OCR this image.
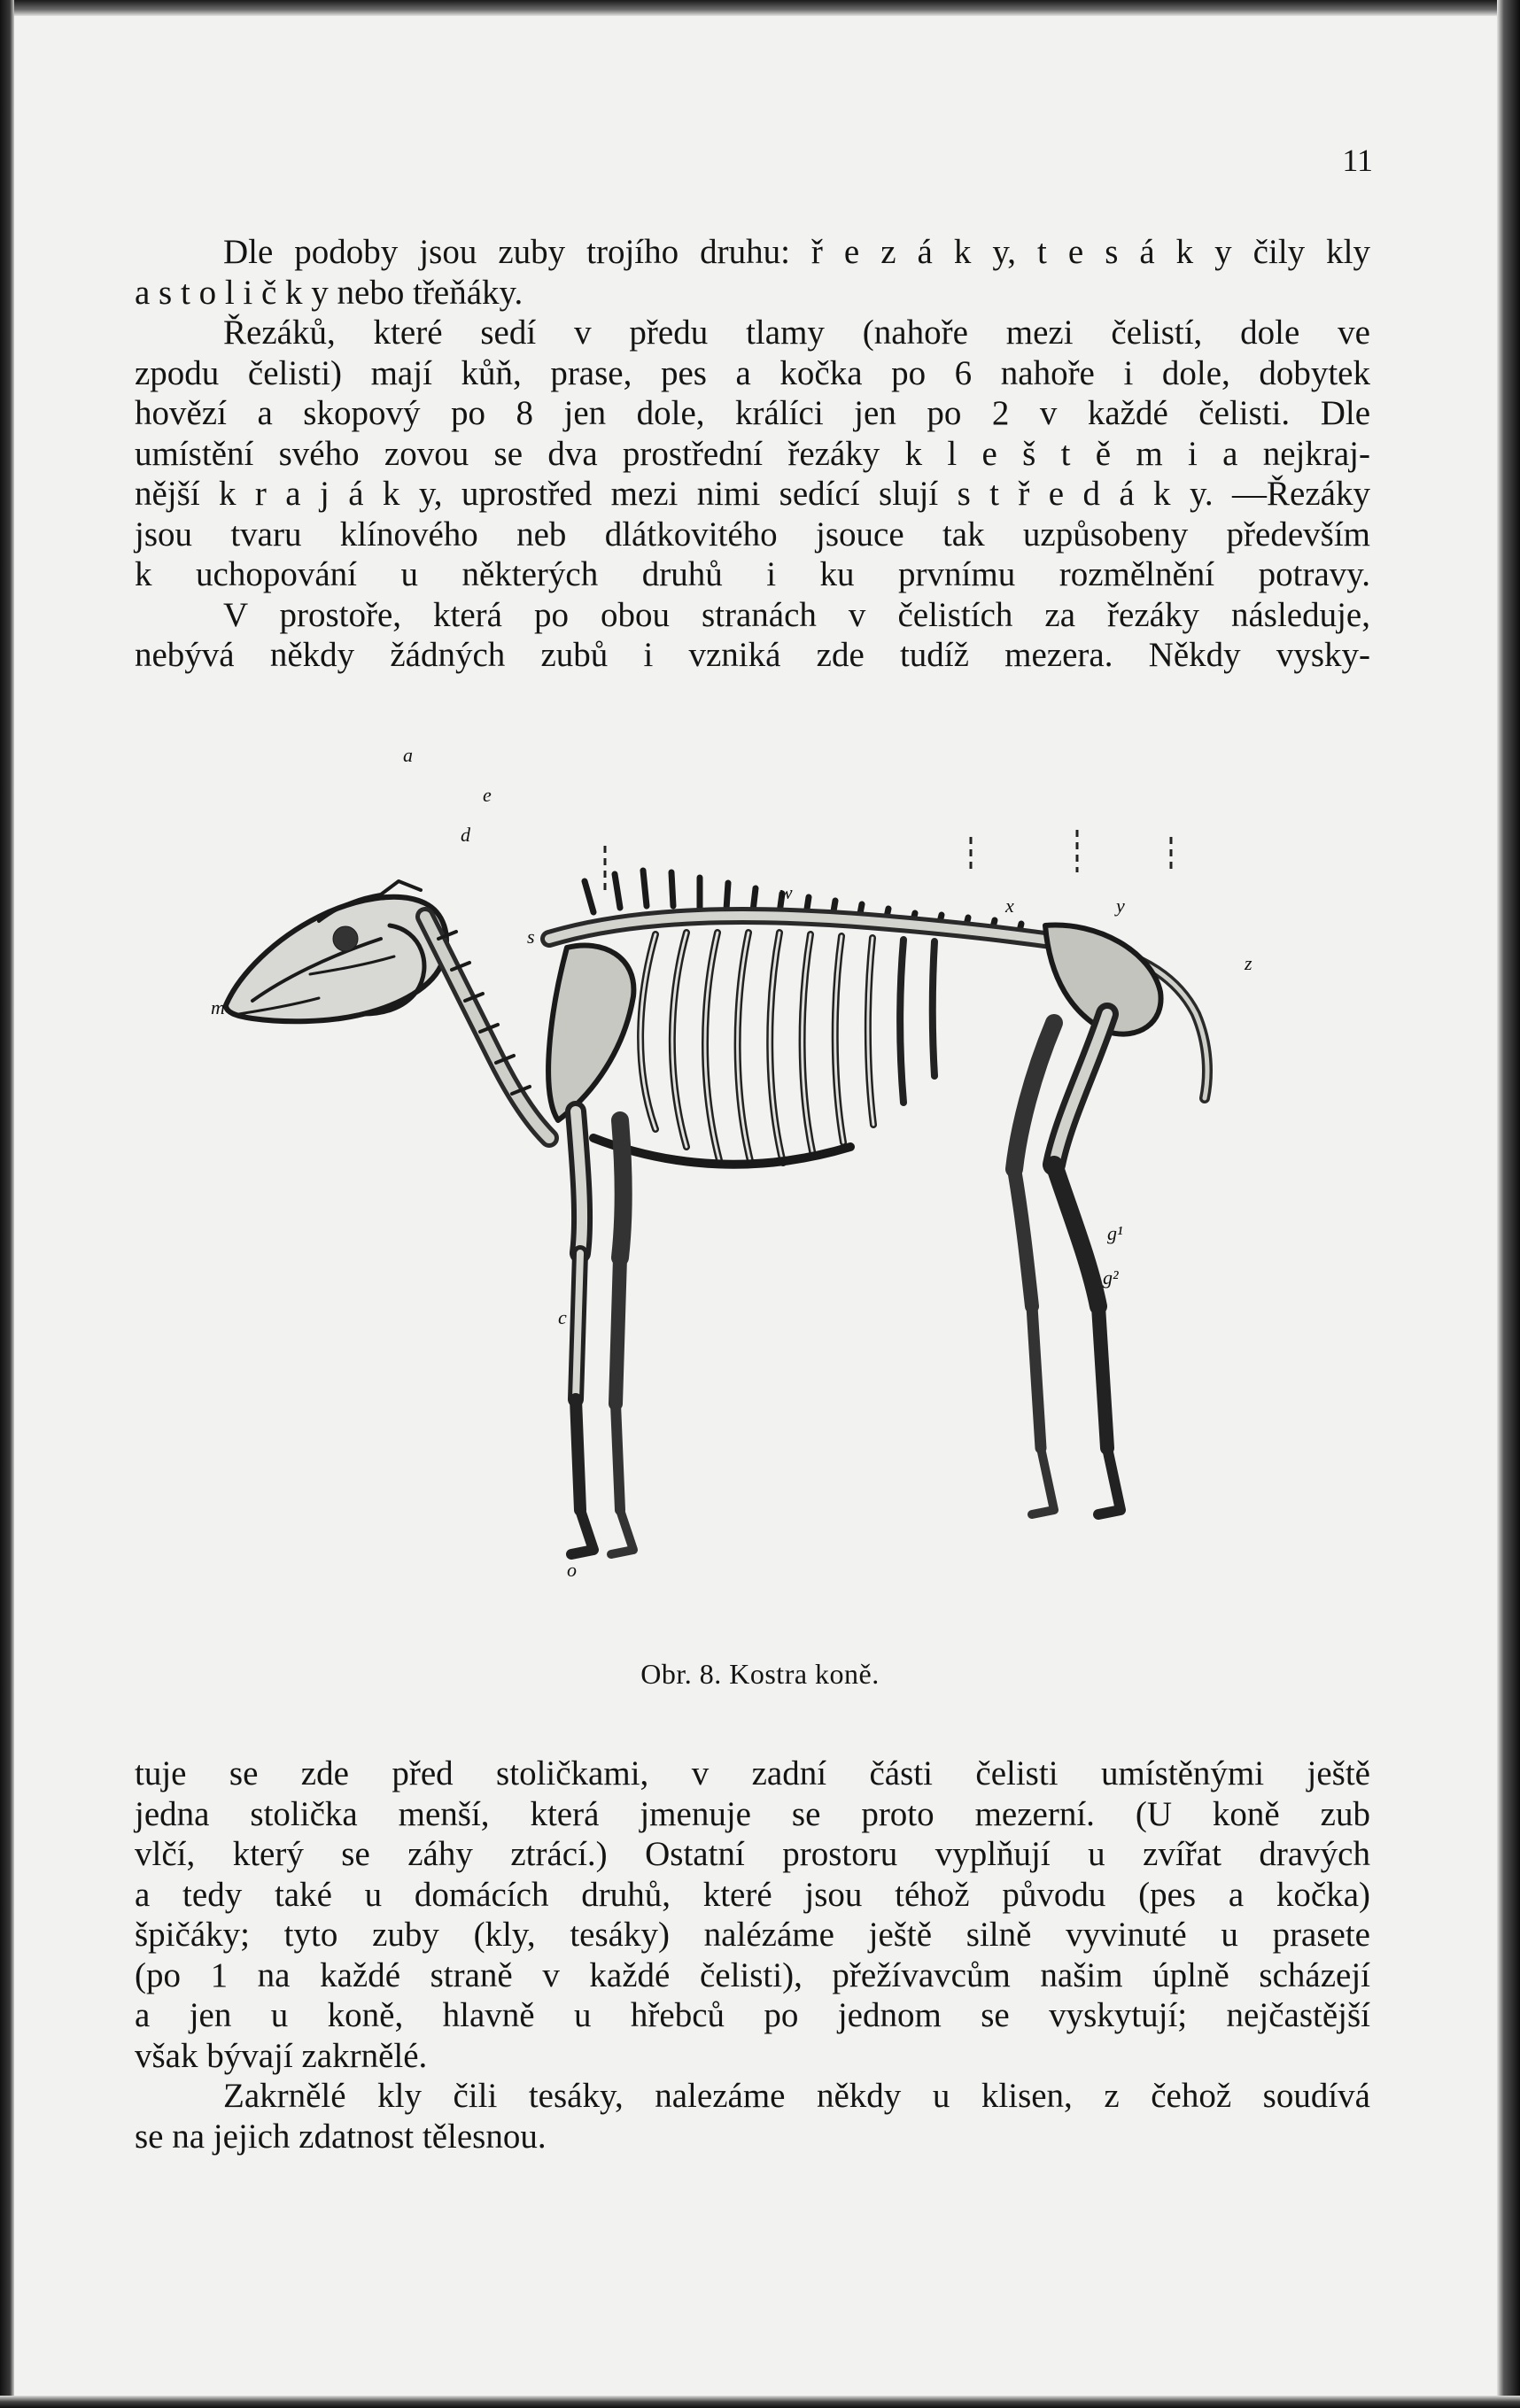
11
Dle podoby jsou zuby trojího druhu: ř e z á k y, t e s á k y čily kly
a s t o l i č k y nebo třeňáky.
Řezáků, které sedí v předu tlamy (nahoře mezi čelistí, dole ve
zpodu čelisti) mají kůň, prase, pes a kočka po 6 nahoře i dole, dobytek
hovězí a skopový po 8 jen dole, králíci jen po 2 v každé čelisti. Dle
umístění svého zovou se dva prostřední řezáky k l e š t ě m i a nejkraj-
nější k r a j á k y, uprostřed mezi nimi sedící slují s t ř e d á k y. —Řezáky
jsou tvaru klínového neb dlátkovitého jsouce tak uzpůsobeny především
k uchopování u některých druhů i ku prvnímu rozmělnění potravy.
V prostoře, která po obou stranách v čelistích za řezáky následuje,
nebývá někdy žádných zubů i vzniká zde tudíž mezera. Někdy vysky-
a
e
d
m
s
w
x	y
z
g¹
g²
o
c
Obr. 8. Kostra koně.
tuje se zde před stoličkami, v zadní části čelisti umístěnými ještě
jedna stolička menší, která jmenuje se proto mezerní. (U koně zub
vlčí, který se záhy ztrácí.) Ostatní prostoru vyplňují u zvířat dravých
a tedy také u domácích druhů, které jsou téhož původu (pes a kočka)
špičáky; tyto zuby (kly, tesáky) nalézáme ještě silně vyvinuté u prasete
(po 1 na každé straně v každé čelisti), přežívavcům našim úplně scházejí
a jen u koně, hlavně u hřebců po jednom se vyskytují; nejčastější
však bývají zakrnělé.
Zakrnělé kly čili tesáky, nalezáme někdy u klisen, z čehož soudívá
se na jejich zdatnost tělesnou.
